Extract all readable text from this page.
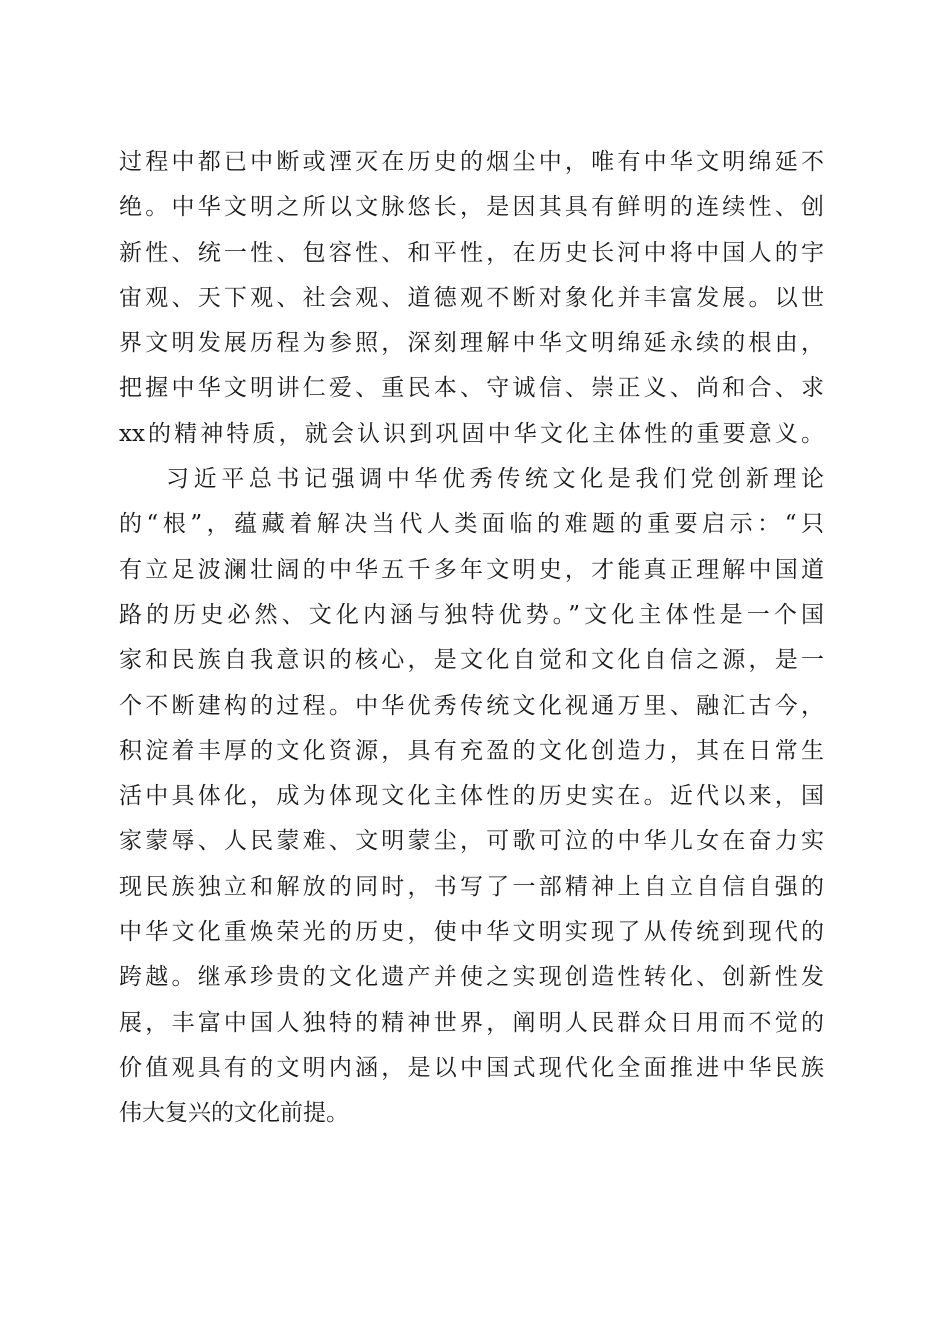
过程中都已中断或湮灭在历史的烟尘中，唯有中华文明绵延不
绝。中华文明之所以文脉悠长，是因其具有鲜明的连续性、创
新性、统一性、包容性、和平性，在历史长河中将中国人的宇
宙观、天下观、社会观、道德观不断对象化并丰富发展。以世
界文明发展历程为参照，深刻理解中华文明绵延永续的根由，
把握中华文明讲仁爱、重民本、守诚信、崇正义、尚和合、求
xx的精神特质，就会认识到巩固中华文化主体性的重要意义。
习近平总书记强调中华优秀传统文化是我们党创新理论
的“根”，蕴藏着解决当代人类面临的难题的重要启示：“只
有立足波澜壮阔的中华五千多年文明史，才能真正理解中国道
路的历史必然、文化内涵与独特优势。”文化主体性是一个国
家和民族自我意识的核心，是文化自觉和文化自信之源，是一
个不断建构的过程。中华优秀传统文化视通万里、融汇古今，
积淀着丰厚的文化资源，具有充盈的文化创造力，其在日常生
活中具体化，成为体现文化主体性的历史实在。近代以来，国
家蒙辱、人民蒙难、文明蒙尘，可歌可泣的中华儿女在奋力实
现民族独立和解放的同时，书写了一部精神上自立自信自强的
中华文化重焕荣光的历史，使中华文明实现了从传统到现代的
跨越。继承珍贵的文化遗产并使之实现创造性转化、创新性发
展，丰富中国人独特的精神世界，阐明人民群众日用而不觉的
价值观具有的文明内涵，是以中国式现代化全面推进中华民族
伟大复兴的文化前提。
